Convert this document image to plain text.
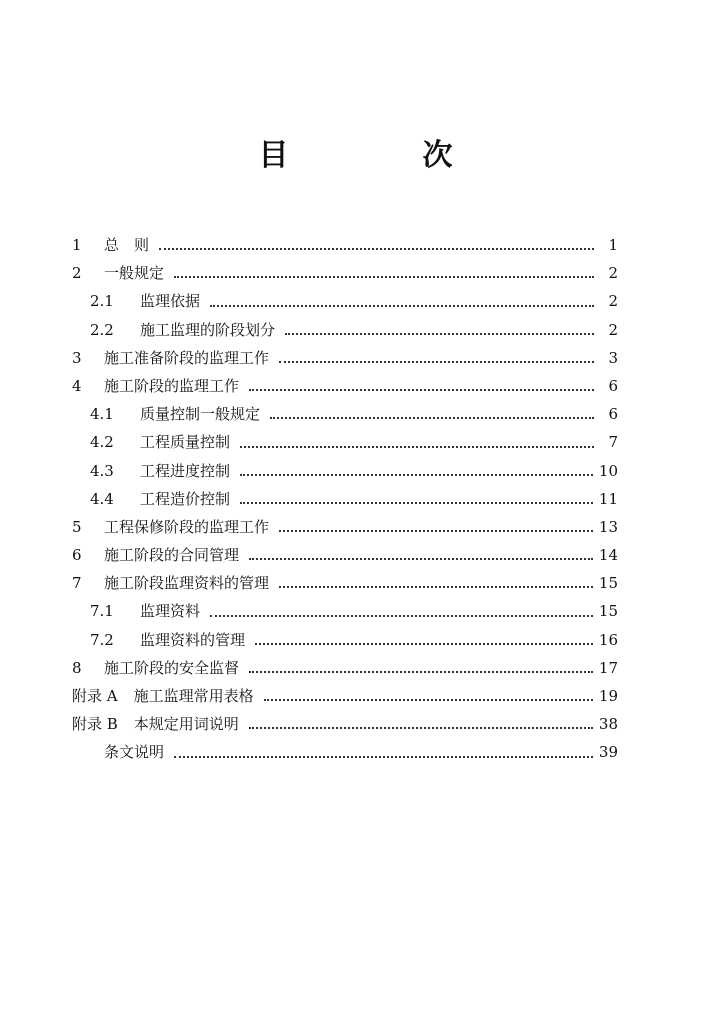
目　次
1	总　则	1
2	一般规定	2
2.1	监理依据	2
2.2	施工监理的阶段划分	2
3	施工准备阶段的监理工作	3
4	施工阶段的监理工作	6
4.1	质量控制一般规定	6
4.2	工程质量控制	7
4.3	工程进度控制	10
4.4	工程造价控制	11
5	工程保修阶段的监理工作	13
6	施工阶段的合同管理	14
7	施工阶段监理资料的管理	15
7.1	监理资料	15
7.2	监理资料的管理	16
8	施工阶段的安全监督	17
附录 A 施工监理常用表格	19
附录 B 本规定用词说明	38
条文说明	39
